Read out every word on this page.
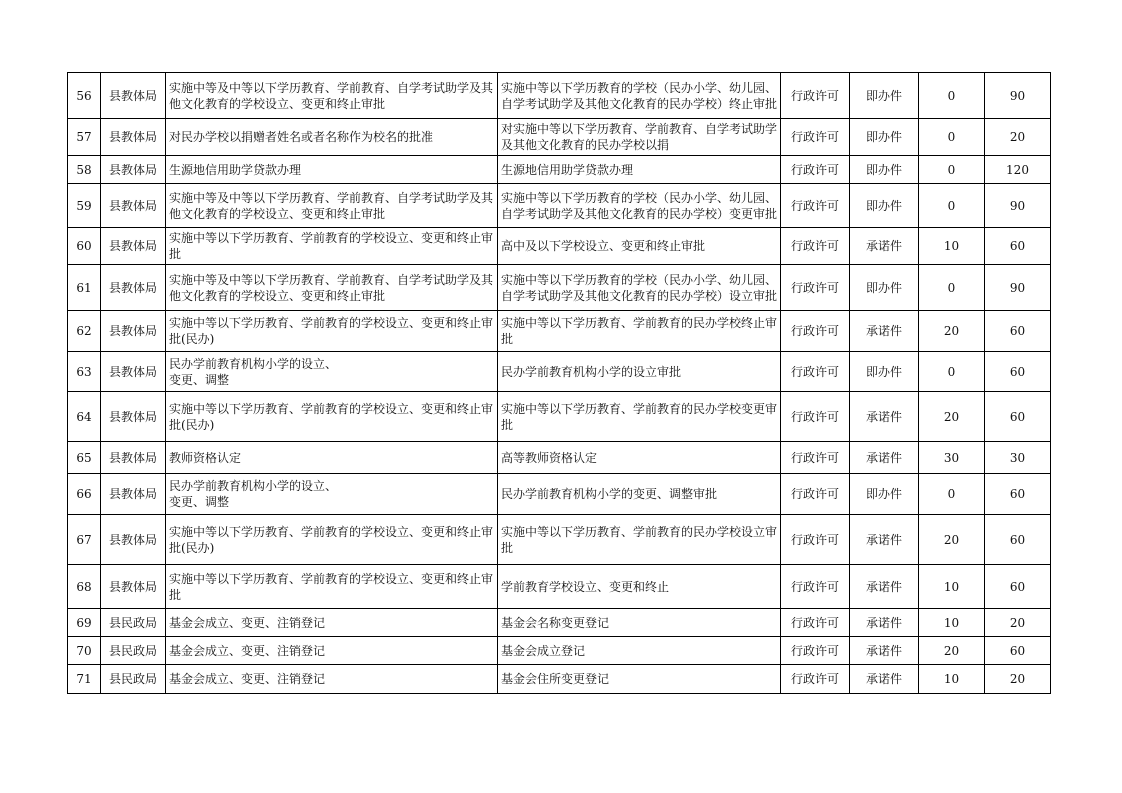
56	县教体局	实施中等及中等以下学历教育、学前教育、自学考试助学及其他文化教育的学校设立、变更和终止审批	实施中等以下学历教育的学校（民办小学、幼儿园、自学考试助学及其他文化教育的民办学校）终止审批	行政许可	即办件	0	90

57	县教体局	对民办学校以捐赠者姓名或者名称作为校名的批准	对实施中等以下学历教育、学前教育、自学考试助学及其他文化教育的民办学校以捐	行政许可	即办件	0	20

58	县教体局	生源地信用助学贷款办理	生源地信用助学贷款办理	行政许可	即办件	0	120

59	县教体局	实施中等及中等以下学历教育、学前教育、自学考试助学及其他文化教育的学校设立、变更和终止审批	实施中等以下学历教育的学校（民办小学、幼儿园、自学考试助学及其他文化教育的民办学校）变更审批	行政许可	即办件	0	90

60	县教体局	实施中等以下学历教育、学前教育的学校设立、变更和终止审批	高中及以下学校设立、变更和终止审批	行政许可	承诺件	10	60

61	县教体局	实施中等及中等以下学历教育、学前教育、自学考试助学及其他文化教育的学校设立、变更和终止审批	实施中等以下学历教育的学校（民办小学、幼儿园、自学考试助学及其他文化教育的民办学校）设立审批	行政许可	即办件	0	90

62	县教体局	实施中等以下学历教育、学前教育的学校设立、变更和终止审批(民办)	实施中等以下学历教育、学前教育的民办学校终止审批	行政许可	承诺件	20	60

63	县教体局	民办学前教育机构小学的设立、
变更、调整	民办学前教育机构小学的设立审批	行政许可	即办件	0	60

64	县教体局	实施中等以下学历教育、学前教育的学校设立、变更和终止审批(民办)	实施中等以下学历教育、学前教育的民办学校变更审批	行政许可	承诺件	20	60

65	县教体局	教师资格认定	高等教师资格认定	行政许可	承诺件	30	30

66	县教体局	民办学前教育机构小学的设立、
变更、调整	民办学前教育机构小学的变更、调整审批	行政许可	即办件	0	60

67	县教体局	实施中等以下学历教育、学前教育的学校设立、变更和终止审批(民办)	实施中等以下学历教育、学前教育的民办学校设立审批	行政许可	承诺件	20	60

68	县教体局	实施中等以下学历教育、学前教育的学校设立、变更和终止审批	学前教育学校设立、变更和终止	行政许可	承诺件	10	60

69	县民政局	基金会成立、变更、注销登记	基金会名称变更登记	行政许可	承诺件	10	20

70	县民政局	基金会成立、变更、注销登记	基金会成立登记	行政许可	承诺件	20	60

71	县民政局	基金会成立、变更、注销登记	基金会住所变更登记	行政许可	承诺件	10	20
